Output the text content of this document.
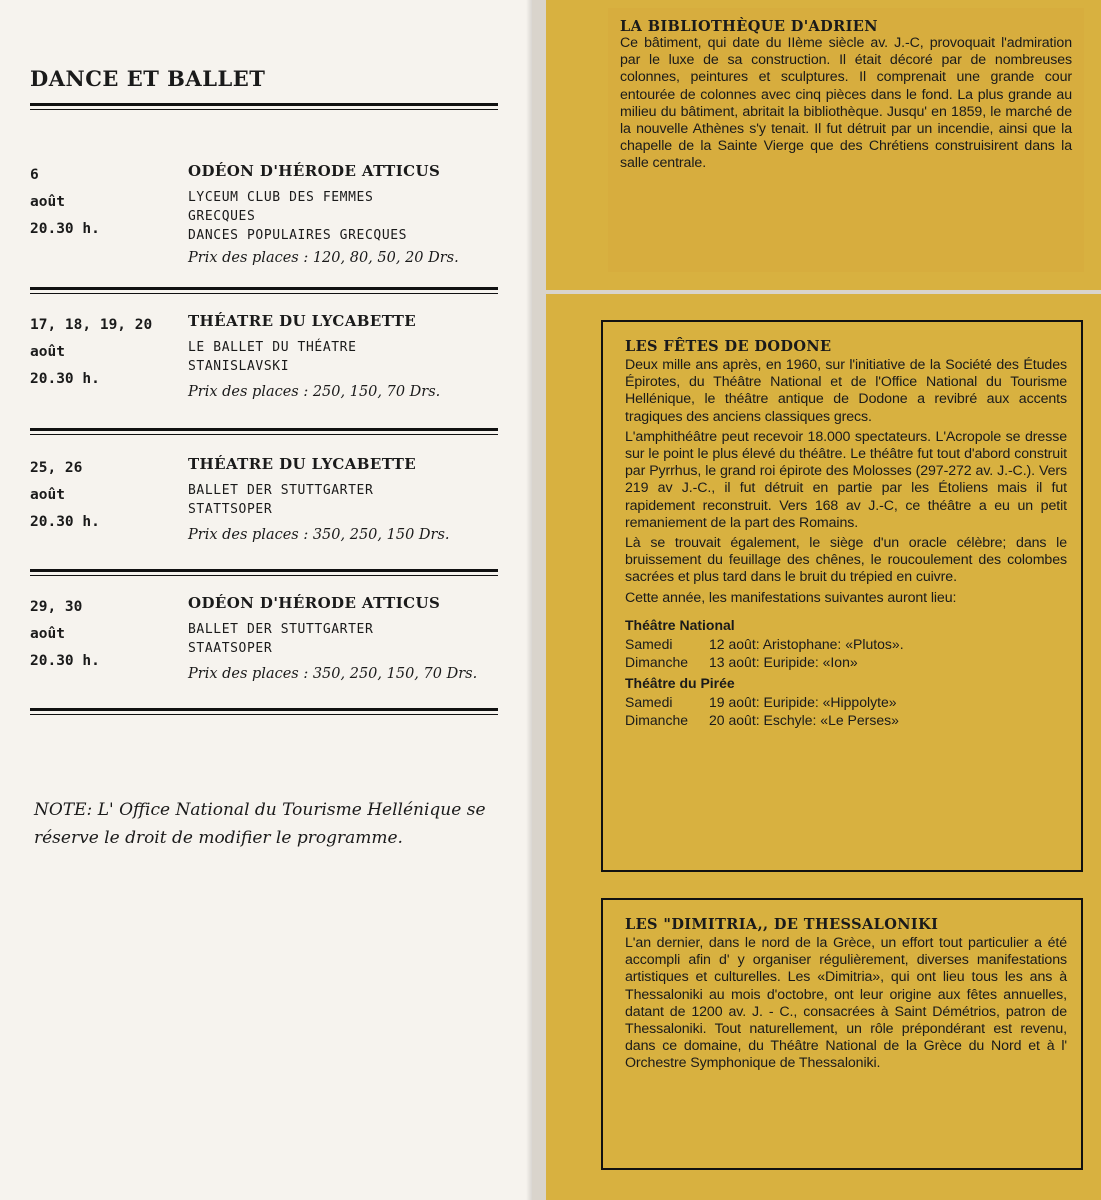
DANCE ET BALLET
6
août
20.30 h.
ODÉON D'HÉRODE ATTICUS
LYCEUM CLUB DES FEMMES
GRECQUES
DANCES POPULAIRES GRECQUES
Prix des places : 120, 80, 50, 20 Drs.
17, 18, 19, 20
août
20.30 h.
THÉATRE DU LYCABETTE
LE BALLET DU THÉATRE
STANISLAVSKI
Prix des places : 250, 150, 70 Drs.
25, 26
août
20.30 h.
THÉATRE DU LYCABETTE
BALLET DER STUTTGARTER
STATTSOPER
Prix des places : 350, 250, 150 Drs.
29, 30
août
20.30 h.
ODÉON D'HÉRODE ATTICUS
BALLET DER STUTTGARTER
STAATSOPER
Prix des places : 350, 250, 150, 70 Drs.

NOTE: L' Office National du Tourisme Hellénique se réserve le droit de modifier le programme.

LA BIBLIOTHÈQUE D'ADRIEN

Ce bâtiment, qui date du IIème siècle av. J.-C, provoquait l'admiration par le luxe de sa construction. Il était décoré par de nombreuses colonnes, peintures et sculptures. Il comprenait une grande cour entourée de colonnes avec cinq pièces dans le fond. La plus grande au milieu du bâtiment, abritait la bibliothèque. Jusqu' en 1859, le marché de la nouvelle Athènes s'y tenait. Il fut détruit par un incendie, ainsi que la chapelle de la Sainte Vierge que des Chrétiens construisirent dans la salle centrale.

LES FÊTES DE DODONE

Deux mille ans après, en 1960, sur l'initiative de la Société des Études Épirotes, du Théâtre National et de l'Office National du Tourisme Hellénique, le théâtre antique de Dodone a revibré aux accents tragiques des anciens classiques grecs.

L'amphithéâtre peut recevoir 18.000 spectateurs. L'Acropole se dresse sur le point le plus élevé du théâtre. Le théâtre fut tout d'abord construit par Pyrrhus, le grand roi épirote des Molosses (297-272 av. J.-C.). Vers 219 av J.-C., il fut détruit en partie par les Étoliens mais il fut rapidement reconstruit. Vers 168 av J.-C, ce théâtre a eu un petit remaniement de la part des Romains.

Là se trouvait également, le siège d'un oracle célèbre; dans le bruissement du feuillage des chênes, le roucoulement des colombes sacrées et plus tard dans le bruit du trépied en cuivre.

Cette année, les manifestations suivantes auront lieu:

Théâtre National
Samedi	12 août: Aristophane: «Plutos».
Dimanche	13 août: Euripide: «Ion»
Théâtre du Pirée
Samedi	19 août: Euripide: «Hippolyte»
Dimanche	20 août: Eschyle: «Le Perses»
LES "DIMITRIA,, DE THESSALONIKI

L'an dernier, dans le nord de la Grèce, un effort tout particulier a été accompli afin d' y organiser régulièrement, diverses manifestations artistiques et culturelles. Les «Dimitria», qui ont lieu tous les ans à Thessaloniki au mois d'octobre, ont leur origine aux fêtes annuelles, datant de 1200 av. J. - C., consacrées à Saint Démétrios, patron de Thessaloniki. Tout naturellement, un rôle prépondérant est revenu, dans ce domaine, du Théâtre National de la Grèce du Nord et à l' Orchestre Symphonique de Thessaloniki.
